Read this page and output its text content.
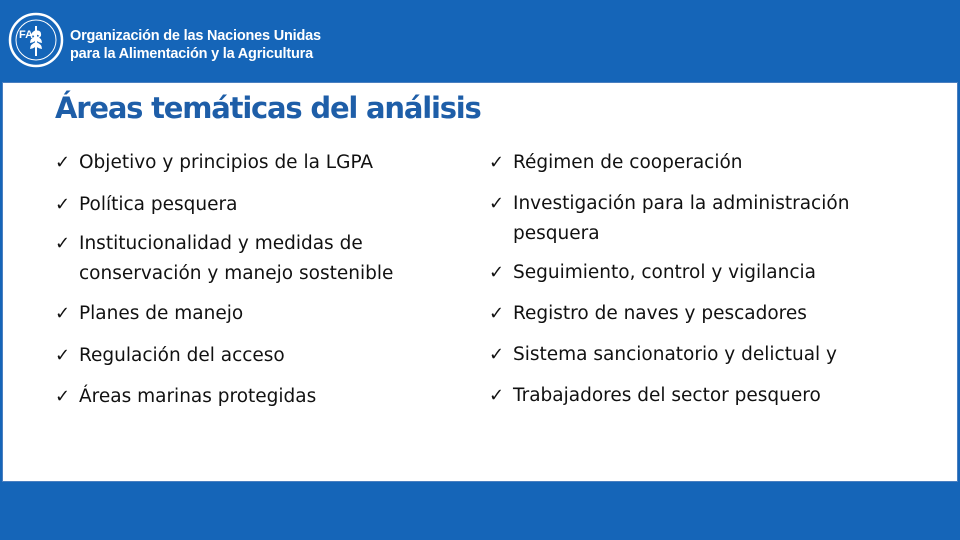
FAO Organización de las Naciones Unidas
para la Alimentación y la Agricultura
Áreas temáticas del análisis
✓ Objetivo y principios de la LGPA
✓ Política pesquera
✓ Institucionalidad y medidas de
conservación y manejo sostenible
✓ Planes de manejo
✓ Regulación del acceso
✓ Áreas marinas protegidas
✓ Régimen de cooperación
✓ Investigación para la administración
pesquera
✓ Seguimiento, control y vigilancia
✓ Registro de naves y pescadores
✓ Sistema sancionatorio y delictual y
✓ Trabajadores del sector pesquero
